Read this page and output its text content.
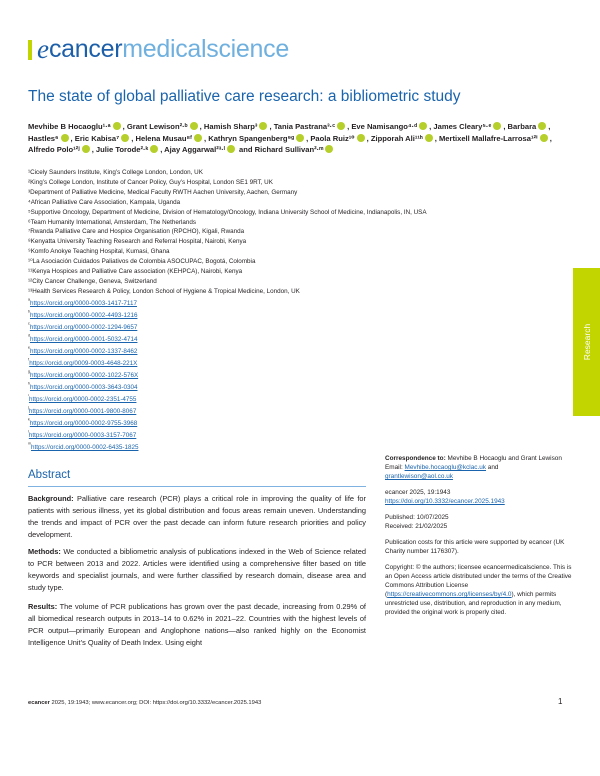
e cancer medicalscience
The state of global palliative care research: a bibliometric study
Mevhibe B Hocaoglu¹·ᵃ , Grant Lewison²·ᵇ , Hamish Sharp³ , Tania Pastrana³·ᶜ , Eve Namisango⁴·ᵈ , James Cleary⁵·ᵉ , Barbara ,
Hastles⁶ , Eric Kabisa⁷ , Helena Musau⁸ᶠ , Kathryn Spangenberg⁹ᵍ , Paola Ruiz¹⁰ , Zipporah Ali¹¹ʰ , Mertixell Mallafre-Larrosa¹²ⁱ ,
Alfredo Polo¹²ʲ , Julie Torode²·ᵏ , Ajay Aggarwal²³·ˡ and Richard Sullivan²·ᵐ
¹Cicely Saunders Institute, King’s College London, London, UK
²King’s College London, Institute of Cancer Policy, Guy’s Hospital, London SE1 9RT, UK
³Department of Palliative Medicine, Medical Faculty RWTH Aachen University, Aachen, Germany
⁴African Palliative Care Association, Kampala, Uganda
⁵Supportive Oncology, Department of Medicine, Division of Hematology/Oncology, Indiana University School of Medicine, Indianapolis, IN, USA
⁶Team Humanity International, Amsterdam, The Netherlands
⁷Rwanda Palliative Care and Hospice Organisation (RPCHO), Kigali, Rwanda
⁸Kenyatta University Teaching Research and Referral Hospital, Nairobi, Kenya
⁹Komfo Anokye Teaching Hospital, Kumasi, Ghana
¹⁰La Asociación Cuidados Paliativos de Colombia ASOCUPAC, Bogotá, Colombia
¹¹Kenya Hospices and Palliative Care association (KEHPCA), Nairobi, Kenya
¹²City Cancer Challenge, Geneva, Switzerland
¹³Health Services Research & Policy, London School of Hygiene & Tropical Medicine, London, UK
$^ᵃ$https://orcid.org/0000-0003-1417-7117
$^ᵇ$https://orcid.org/0000-0002-4493-1216
$^ᶜ$https://orcid.org/0000-0002-1294-9657
$^ᵈ$https://orcid.org/0000-0001-5032-4714
$^ᵉ$https://orcid.org/0000-0002-1337-8462
$^ᶠ$https://orcid.org/0009-0003-4648-221X
$^ᵍ$https://orcid.org/0000-0002-1022-576X
$^ʰ$https://orcid.org/0000-0003-3643-0304
$^{^i}$https://orcid.org/0000-0002-2351-4755
$^ʲ$https://orcid.org/0000-0001-9800-8067
$^ᵏ$https://orcid.org/0000-0002-9755-3968
$^ˡ$https://orcid.org/0000-0003-3157-7067
$^ᵐ$https://orcid.org/0000-0002-6435-1825
Research
Abstract
Background: Palliative care research (PCR) plays a critical role in improving the quality of life for patients with serious illness, yet its global distribution and focus areas remain uneven. Understanding the trends and impact of PCR over the past decade can inform future research priorities and policy development.
Methods: We conducted a bibliometric analysis of publications indexed in the Web of Science related to PCR between 2013 and 2022. Articles were identified using a comprehensive filter based on title keywords and specialist journals, and were further classified by research domain, disease area and study type.
Results: The volume of PCR publications has grown over the past decade, increasing from 0.29% of all biomedical research outputs in 2013–14 to 0.62% in 2021–22. Countries with the highest levels of PCR output—primarily European and Anglophone nations—also ranked highly on the Economist Intelligence Unit’s Quality of Death Index. Using eight

Correspondence to: Mevhibe B Hocaoglu and Grant Lewison
Email: Mevhibe.hocaoglu@kclac.uk and
grantlewison@aol.co.uk

ecancer 2025, 19:1943
https://doi.org/10.3332/ecancer.2025.1943

Published: 10/07/2025
Received: 21/02/2025

Publication costs for this article were supported by ecancer (UK Charity number 1176307).

Copyright: © the authors; licensee ecancermedicalscience. This is an Open Access article distributed under the terms of the Creative Commons Attribution License (https://creativecommons.org/licenses/by/4.0), which permits unrestricted use, distribution, and reproduction in any medium, provided the original work is properly cited.

ecancer 2025, 19:1943; www.ecancer.org; DOI: https://doi.org/10.3332/ecancer.2025.1943	1
